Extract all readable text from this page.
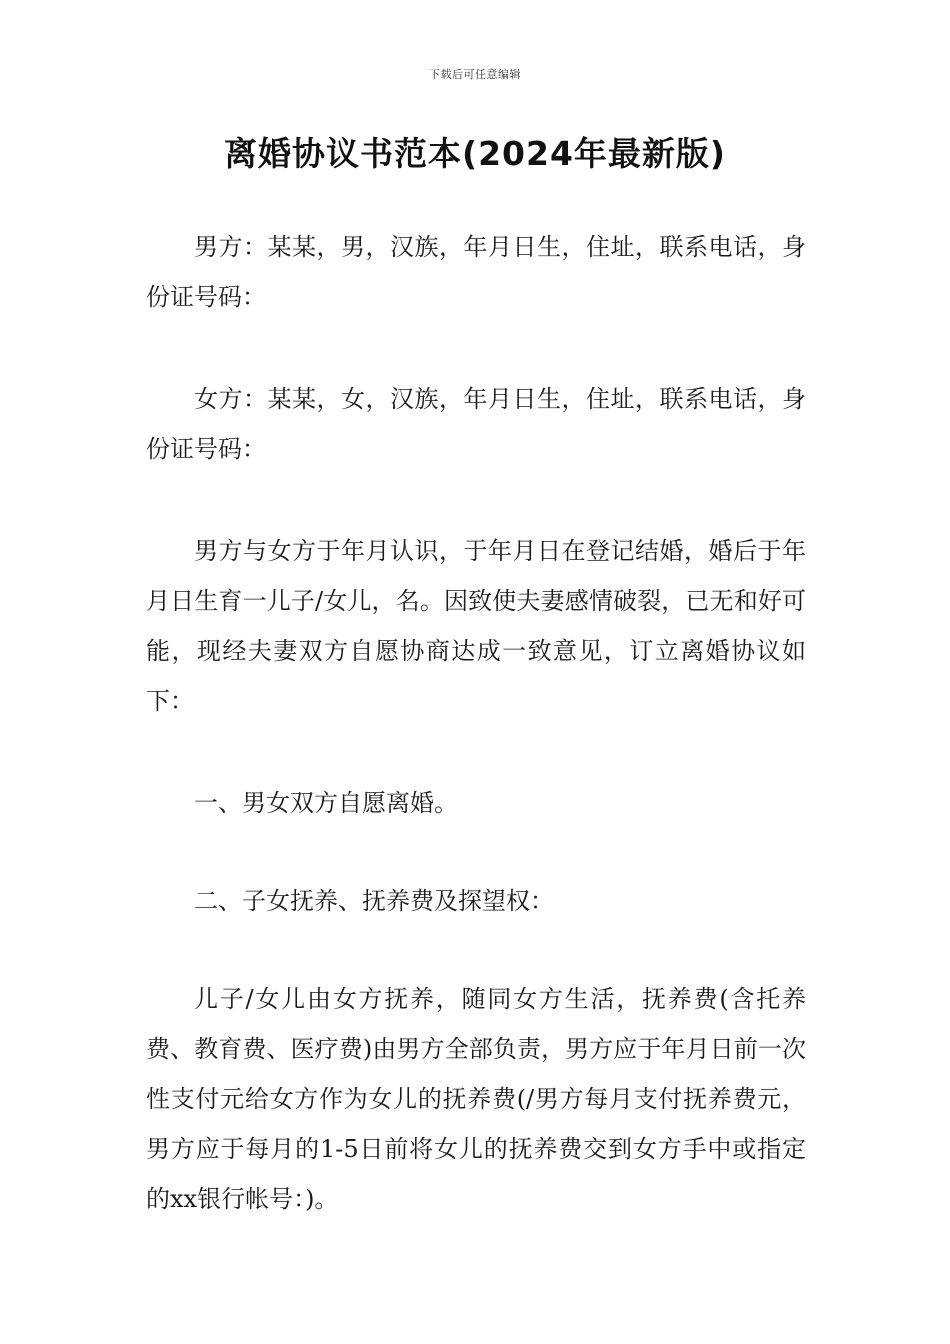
下载后可任意编辑
离婚协议书范本(2024年最新版)

男方：某某，男，汉族，年月日生，住址，联系电话，身份证号码：

女方：某某，女，汉族，年月日生，住址，联系电话，身份证号码：

男方与女方于年月认识，于年月日在登记结婚，婚后于年月日生育一儿子/女儿，名。因致使夫妻感情破裂，已无和好可能，现经夫妻双方自愿协商达成一致意见，订立离婚协议如下：

一、男女双方自愿离婚。

二、子女抚养、抚养费及探望权：

儿子/女儿由女方抚养，随同女方生活，抚养费(含托养费、教育费、医疗费)由男方全部负责，男方应于年月日前一次性支付元给女方作为女儿的抚养费(/男方每月支付抚养费元，男方应于每月的1-5日前将女儿的抚养费交到女方手中或指定的xx银行帐号：)。
